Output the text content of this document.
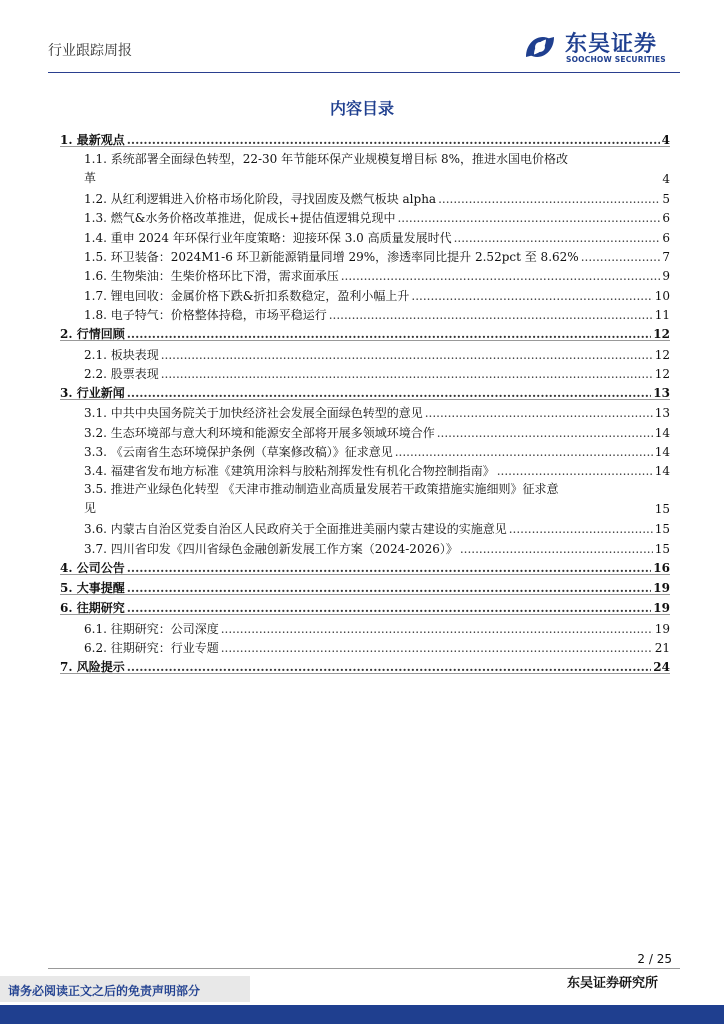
行业跟踪周报	东吴证券
SOOCHOW SECURITIES
内容目录
1. 最新观点 .....	4
1.1. 系统部署全面绿色转型，22-30 年节能环保产业规模复增目标 8%，推进水国电价格改
革	4
1.2. 从红利逻辑进入价格市场化阶段，寻找固废及燃气板块 alpha .....	5
1.3. 燃气&水务价格改革推进，促成长+提估值逻辑兑现中 .....	6
1.4. 重申 2024 年环保行业年度策略：迎接环保 3.0 高质量发展时代 .....	6
1.5. 环卫装备：2024M1-6 环卫新能源销量同增 29%，渗透率同比提升 2.52pct 至 8.62% .....	7
1.6. 生物柴油：生柴价格环比下滑，需求面承压 .....	9
1.7. 锂电回收：金属价格下跌&折扣系数稳定，盈利小幅上升 .....	10
1.8. 电子特气：价格整体持稳，市场平稳运行 .....	11
2. 行情回顾 .....	12
2.1. 板块表现 .....	12
2.2. 股票表现 .....	12
3. 行业新闻 .....	13
3.1. 中共中央国务院关于加快经济社会发展全面绿色转型的意见 .....	13
3.2. 生态环境部与意大利环境和能源安全部将开展多领域环境合作 .....	14
3.3. 《云南省生态环境保护条例（草案修改稿）》征求意见 .....	14
3.4. 福建省发布地方标准《建筑用涂料与胶粘剂挥发性有机化合物控制指南》 .....	14
3.5. 推进产业绿色化转型 《天津市推动制造业高质量发展若干政策措施实施细则》征求意
见	15
3.6. 内蒙古自治区党委自治区人民政府关于全面推进美丽内蒙古建设的实施意见 .....	15
3.7. 四川省印发《四川省绿色金融创新发展工作方案（2024-2026）》 .....	15
4. 公司公告 .....	16
5. 大事提醒 .....	19
6. 往期研究 .....	19
6.1. 往期研究：公司深度 .....	19
6.2. 往期研究：行业专题 .....	21
7. 风险提示 .....	24
2 / 25
请务必阅读正文之后的免责声明部分	东吴证券研究所
